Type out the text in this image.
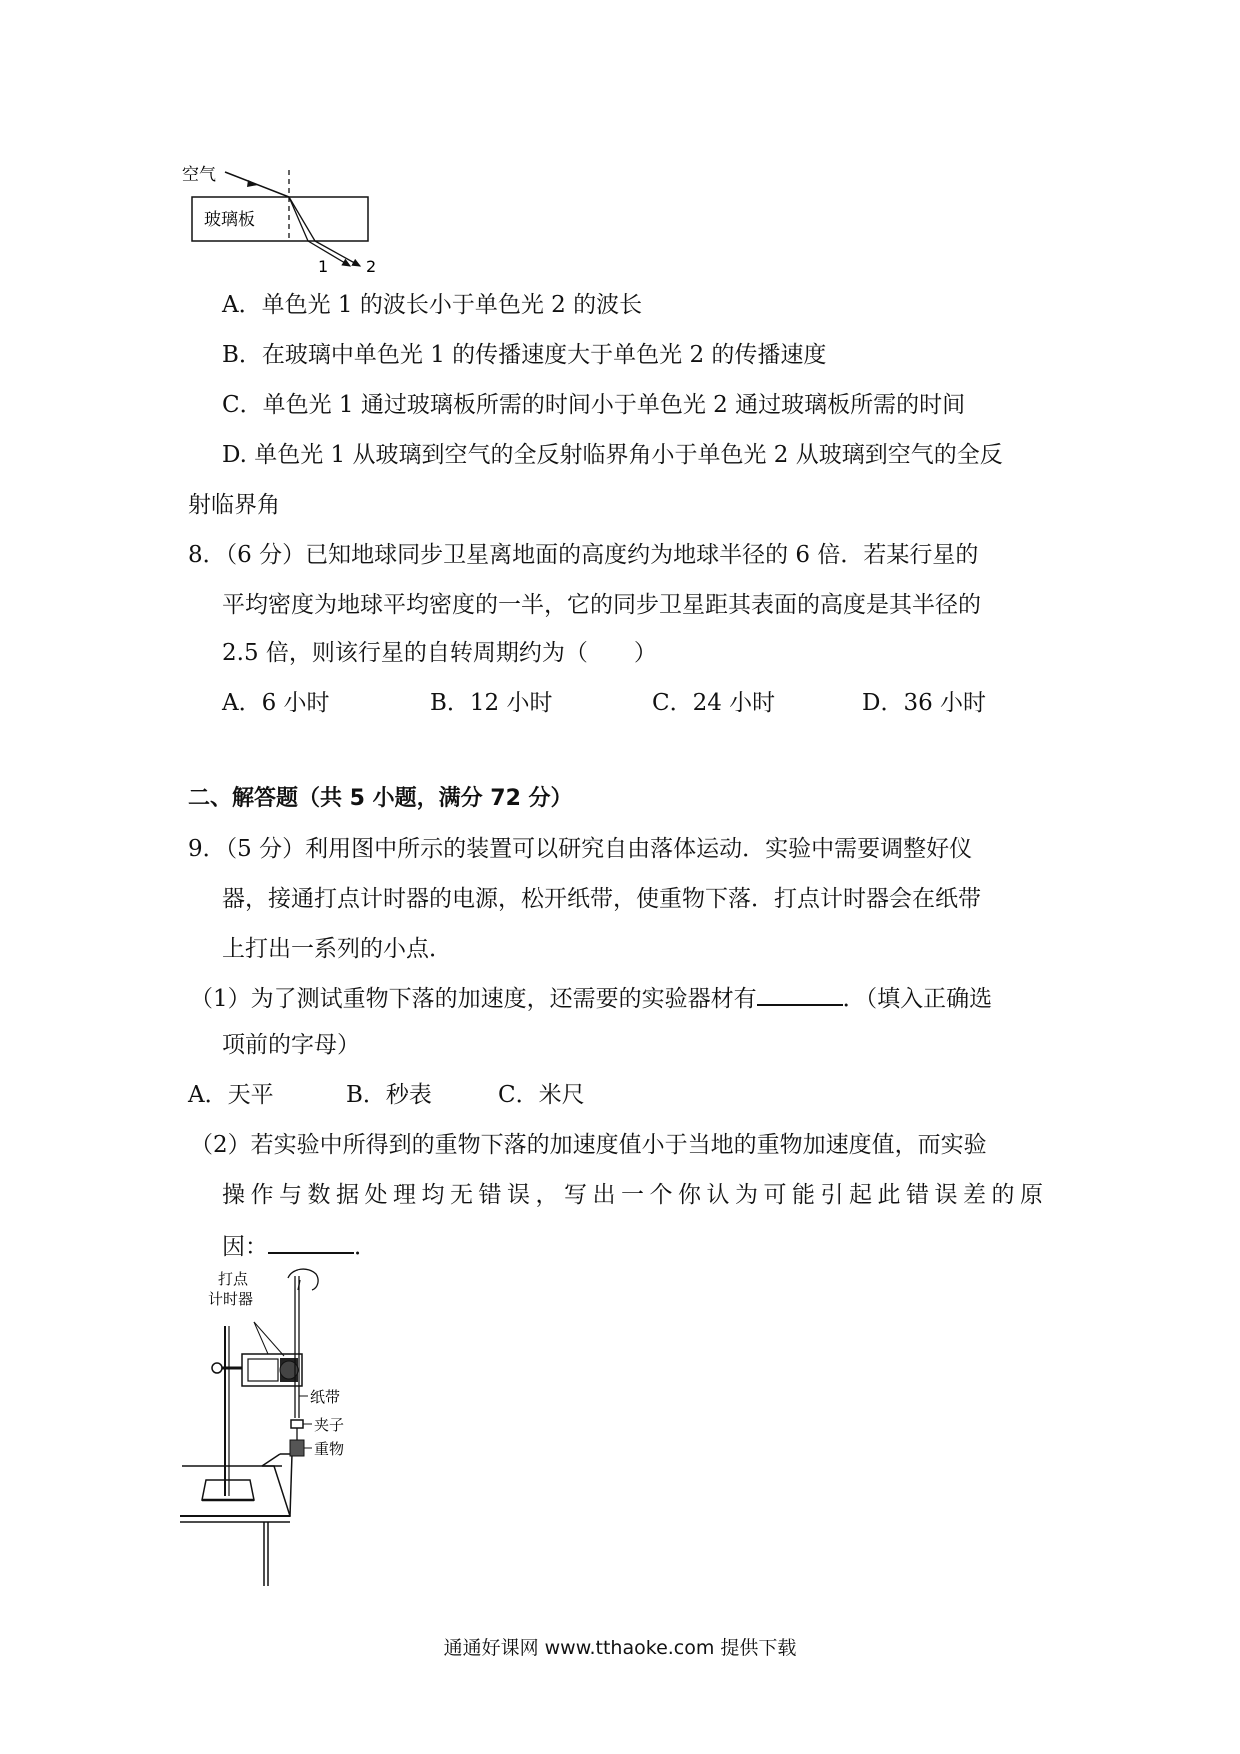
空气
玻璃板
1 2
A．单色光 1 的波长小于单色光 2 的波长
B．在玻璃中单色光 1 的传播速度大于单色光 2 的传播速度
C．单色光 1 通过玻璃板所需的时间小于单色光 2 通过玻璃板所需的时间
D. 单色光 1 从玻璃到空气的全反射临界角小于单色光 2 从玻璃到空气的全反
射临界角
8．（6 分）已知地球同步卫星离地面的高度约为地球半径的 6 倍．若某行星的
平均密度为地球平均密度的一半，它的同步卫星距其表面的高度是其半径的
2.5 倍，则该行星的自转周期约为（　　）
A．6 小时	B．12 小时	C．24 小时	D．36 小时
二、解答题（共 5 小题，满分 72 分）
9．（5 分）利用图中所示的装置可以研究自由落体运动．实验中需要调整好仪
器，接通打点计时器的电源，松开纸带，使重物下落．打点计时器会在纸带
上打出一系列的小点．
（1）为了测试重物下落的加速度，还需要的实验器材有	．（填入正确选
项前的字母）
A．天平	B．秒表	C．米尺
（2）若实验中所得到的重物下落的加速度值小于当地的重物加速度值，而实验
操作与数据处理均无错误，写出一个你认为可能引起此错误差的原
因：	．
打点
计时器
纸带
夹子
重物
通通好课网 www.tthaoke.com 提供下载
